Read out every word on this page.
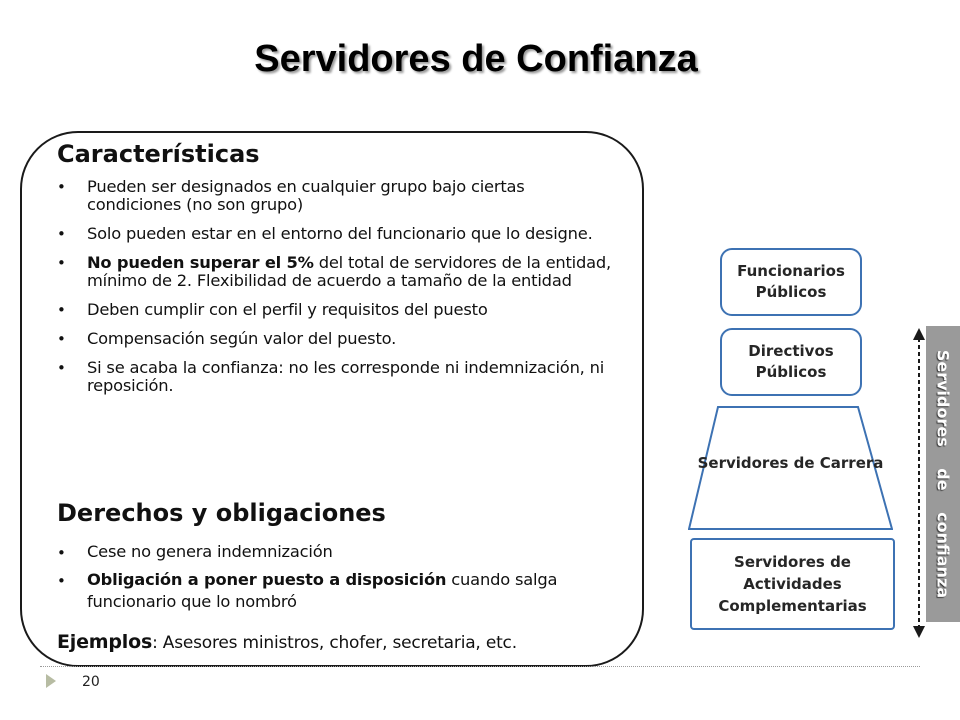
Servidores de Confianza
Características
• Pueden ser designados en cualquier grupo bajo ciertas condiciones (no son grupo)
• Solo pueden estar en el entorno del funcionario que lo designe.
• No pueden superar el 5% del total de servidores de la entidad, mínimo de 2. Flexibilidad de acuerdo a tamaño de la entidad
• Deben cumplir con el perfil y requisitos del puesto
• Compensación según valor del puesto.
• Si se acaba la confianza: no les corresponde ni indemnización, ni reposición.
Derechos y obligaciones
• Cese no genera indemnización
• Obligación a poner puesto a disposición cuando salga funcionario que lo nombró
Ejemplos: Asesores ministros, chofer, secretaria, etc.
20
Funcionarios Públicos
Directivos Públicos
Servidores de Carrera
Servidores de Actividades Complementarias
Servidores de confianza
